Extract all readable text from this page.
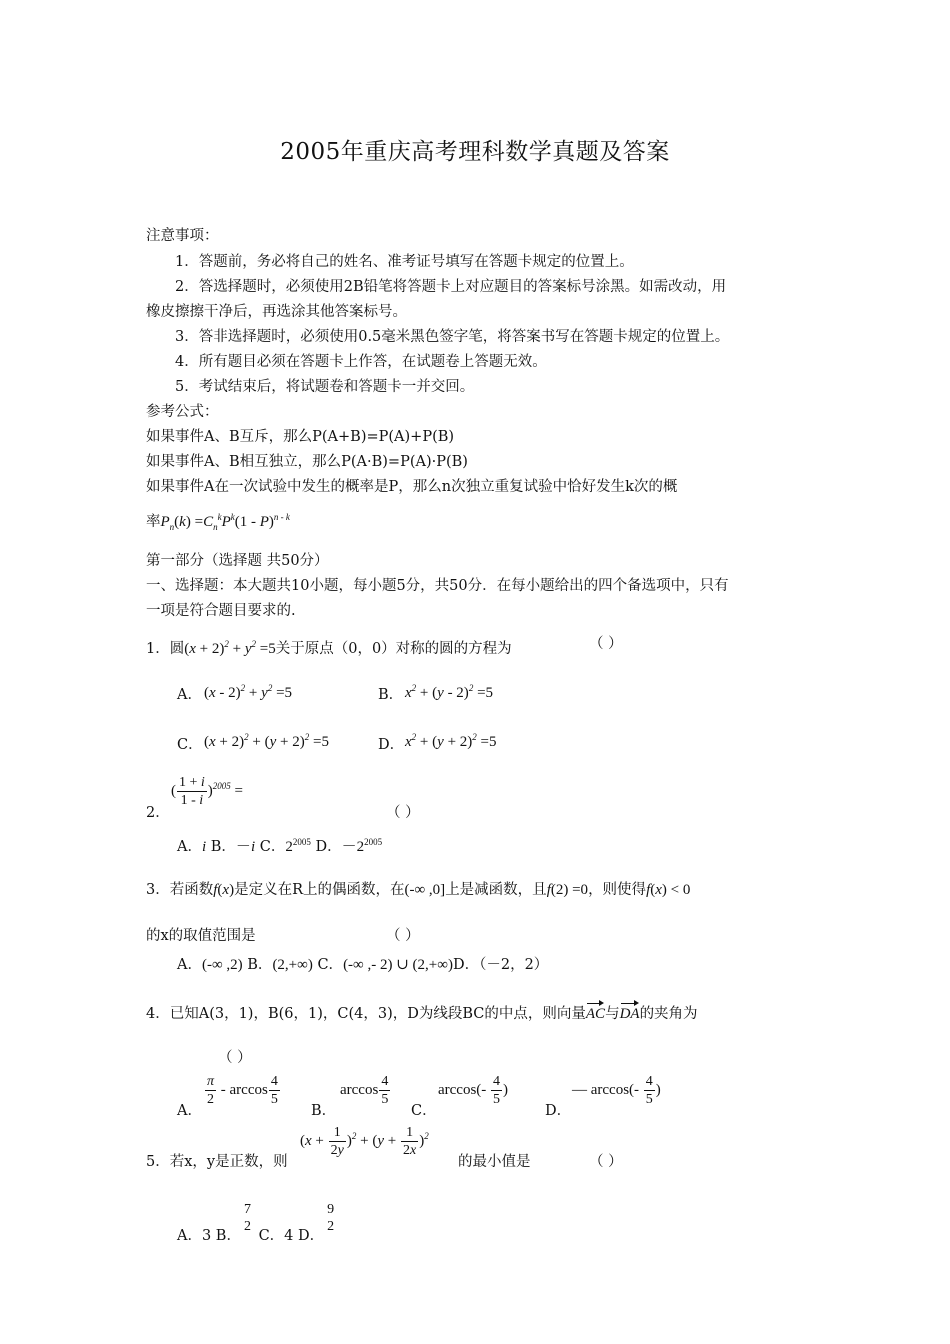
2005年重庆高考理科数学真题及答案
注意事项：
1．答题前，务必将自己的姓名、准考证号填写在答题卡规定的位置上。
2．答选择题时，必须使用2B铅笔将答题卡上对应题目的答案标号涂黑。如需改动，用
橡皮擦擦干净后，再选涂其他答案标号。
3．答非选择题时，必须使用0.5毫米黑色签字笔，将答案书写在答题卡规定的位置上。
4．所有题目必须在答题卡上作答，在试题卷上答题无效。
5．考试结束后，将试题卷和答题卡一并交回。
参考公式：
如果事件A、B互斥，那么P(A+B)=P(A)+P(B)
如果事件A、B相互独立，那么P(A·B)=P(A)·P(B)
如果事件A在一次试验中发生的概率是P，那么n次独立重复试验中恰好发生k次的概
率$P_n(k) =C_n^kP^k(1 - P)^{n - k}$
第一部分（选择题 共50分）
一、选择题：本大题共10小题，每小题5分，共50分．在每小题给出的四个备选项中，只有
一项是符合题目要求的.
1．圆$(x + 2)^2 + y^2 =5$关于原点（0，0）对称的圆的方程为	（ ）
A． $(x - 2)^2 + y^2 =5$	B． $x^2 + (y - 2)^2 =5$
C． $(x + 2)^2 + (y + 2)^2 =5$	D． $x^2 + (y + 2)^2 =5$
2．
( $\frac{1 + i}{1 - i} )^{2005}$ =
（ ）
A．i B．－i C．$2^{2005}$ D．$-2^{2005}$
3．若函数f(x)是定义在R上的偶函数，在(-∞ ,0]上是减函数，且f(2) =0，则使得f(x) < 0
的x的取值范围是	（ ）
A．(-∞ ,2) B．(2,+∞) C．(-∞ ,- 2) ∪ (2,+∞)D．（－2，2）
4．已知A(3，1)，B(6，1)，C(4，3)，D为线段BC的中点，则向量AC与DA的夹角为
（ ）
A．
$\frac{\pi}{2}$ - $\arccos \frac{4}{5}$
B．
$\arccos \frac{4}{5}$
C．
$\arccos(- \frac{4}{5}$ )
D．
— $\arccos(- \frac{4}{5}$ )
5．若x，y是正数，则
$(x + \frac{1}{2y} )^2 + (y + \frac{1}{2x} )^2$
的最小值是	（ ）
A．3 B．
7
2
C．4 D．
9
2
